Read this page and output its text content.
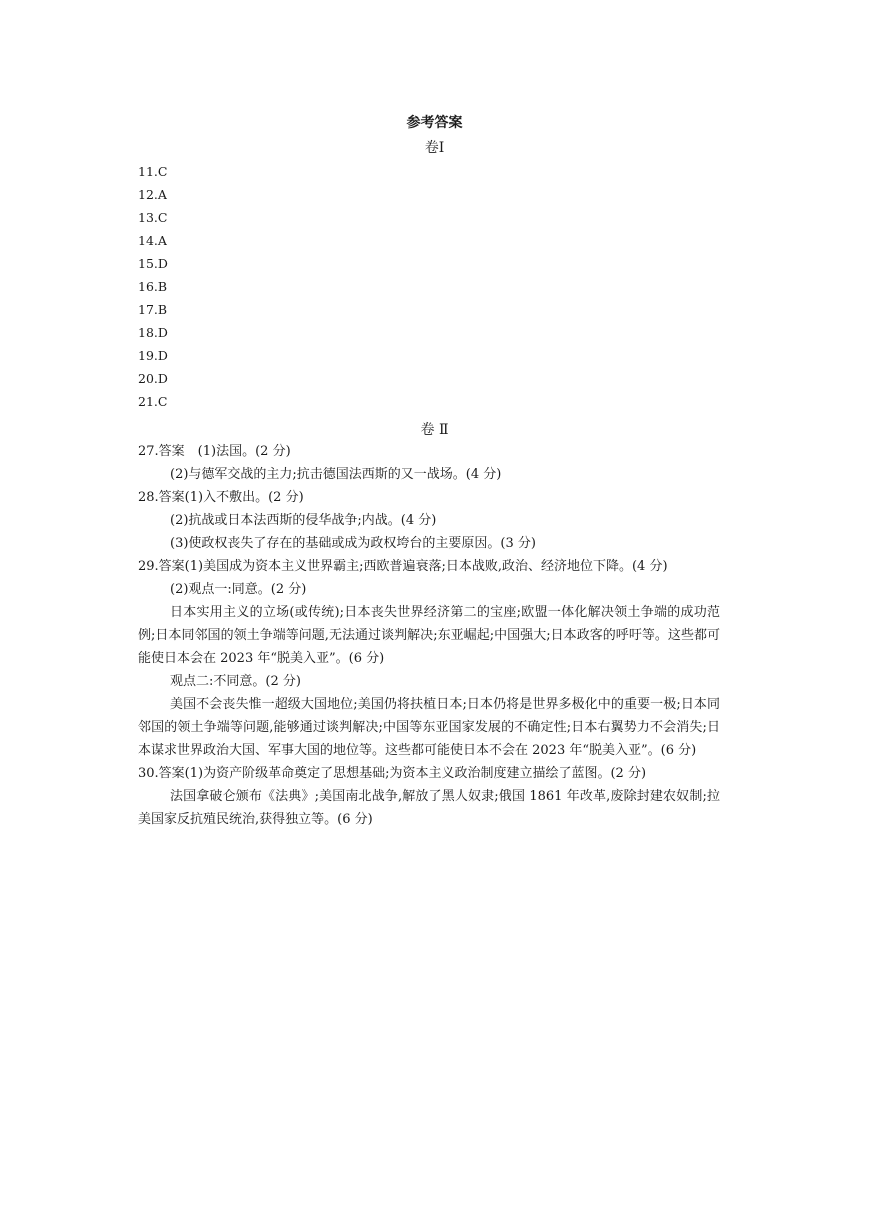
参考答案
卷Ⅰ
11.C
12.A
13.C
14.A
15.D
16.B
17.B
18.D
19.D
20.D
21.C
卷 Ⅱ

27.答案　(1)法国。(2 分)

(2)与德军交战的主力;抗击德国法西斯的又一战场。(4 分)

28.答案(1)入不敷出。(2 分)

(2)抗战或日本法西斯的侵华战争;内战。(4 分)

(3)使政权丧失了存在的基础或成为政权垮台的主要原因。(3 分)

29.答案(1)美国成为资本主义世界霸主;西欧普遍衰落;日本战败,政治、经济地位下降。(4 分)

(2)观点一:同意。(2 分)

日本实用主义的立场(或传统);日本丧失世界经济第二的宝座;欧盟一体化解决领土争端的成功范例;日本同邻国的领土争端等问题,无法通过谈判解决;东亚崛起;中国强大;日本政客的呼吁等。这些都可能使日本会在 2023 年“脱美入亚”。(6 分)

观点二:不同意。(2 分)

美国不会丧失惟一超级大国地位;美国仍将扶植日本;日本仍将是世界多极化中的重要一极;日本同邻国的领土争端等问题,能够通过谈判解决;中国等东亚国家发展的不确定性;日本右翼势力不会消失;日本谋求世界政治大国、军事大国的地位等。这些都可能使日本不会在 2023 年“脱美入亚”。(6 分)

30.答案(1)为资产阶级革命奠定了思想基础;为资本主义政治制度建立描绘了蓝图。(2 分)

法国拿破仑颁布《法典》;美国南北战争,解放了黑人奴隶;俄国 1861 年改革,废除封建农奴制;拉美国家反抗殖民统治,获得独立等。(6 分)
